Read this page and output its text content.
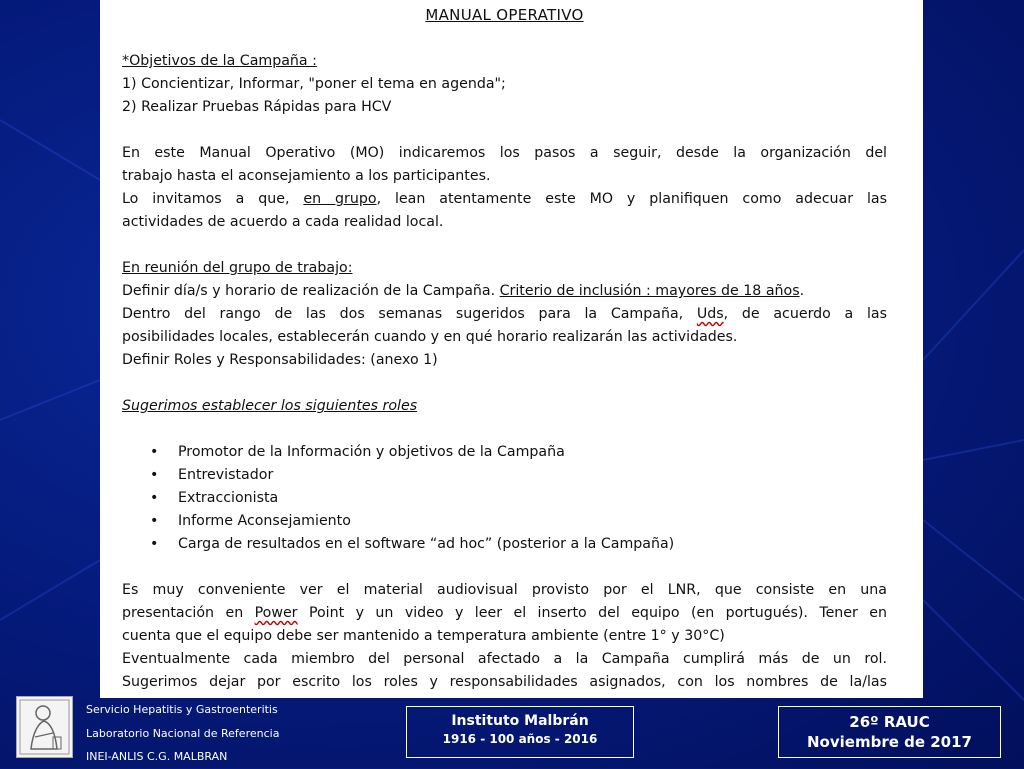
MANUAL OPERATIVO

*Objetivos de la Campaña :

1) Concientizar, Informar, "poner el tema en agenda";

2) Realizar Pruebas Rápidas para HCV

En este Manual Operativo (MO) indicaremos los pasos a seguir, desde la organización del

trabajo hasta el aconsejamiento a los participantes.

Lo invitamos a que, en grupo, lean atentamente este MO y planifiquen como adecuar las

actividades de acuerdo a cada realidad local.

En reunión del grupo de trabajo:

Definir día/s y horario de realización de la Campaña. Criterio de inclusión : mayores de 18 años.

Dentro del rango de las dos semanas sugeridos para la Campaña, Uds, de acuerdo a las

posibilidades locales, establecerán cuando y en qué horario realizarán las actividades.

Definir Roles y Responsabilidades: (anexo 1)

Sugerimos establecer los siguientes roles

• Promotor de la Información y objetivos de la Campaña
• Entrevistador
• Extraccionista
• Informe Aconsejamiento
• Carga de resultados en el software “ad hoc” (posterior a la Campaña)

Es muy conveniente ver el material audiovisual provisto por el LNR, que consiste en una

presentación en Power Point y un video y leer el inserto del equipo (en portugués). Tener en

cuenta que el equipo debe ser mantenido a temperatura ambiente (entre 1° y 30°C)

Eventualmente cada miembro del personal afectado a la Campaña cumplirá más de un rol.

Sugerimos dejar por escrito los roles y responsabilidades asignados, con los nombres de la/las

Servicio Hepatitis y Gastroenteritis
Laboratorio Nacional de Referencia
INEI-ANLIS C.G. MALBRAN
Instituto Malbrán
1916 - 100 años - 2016
26º RAUC
Noviembre de 2017
